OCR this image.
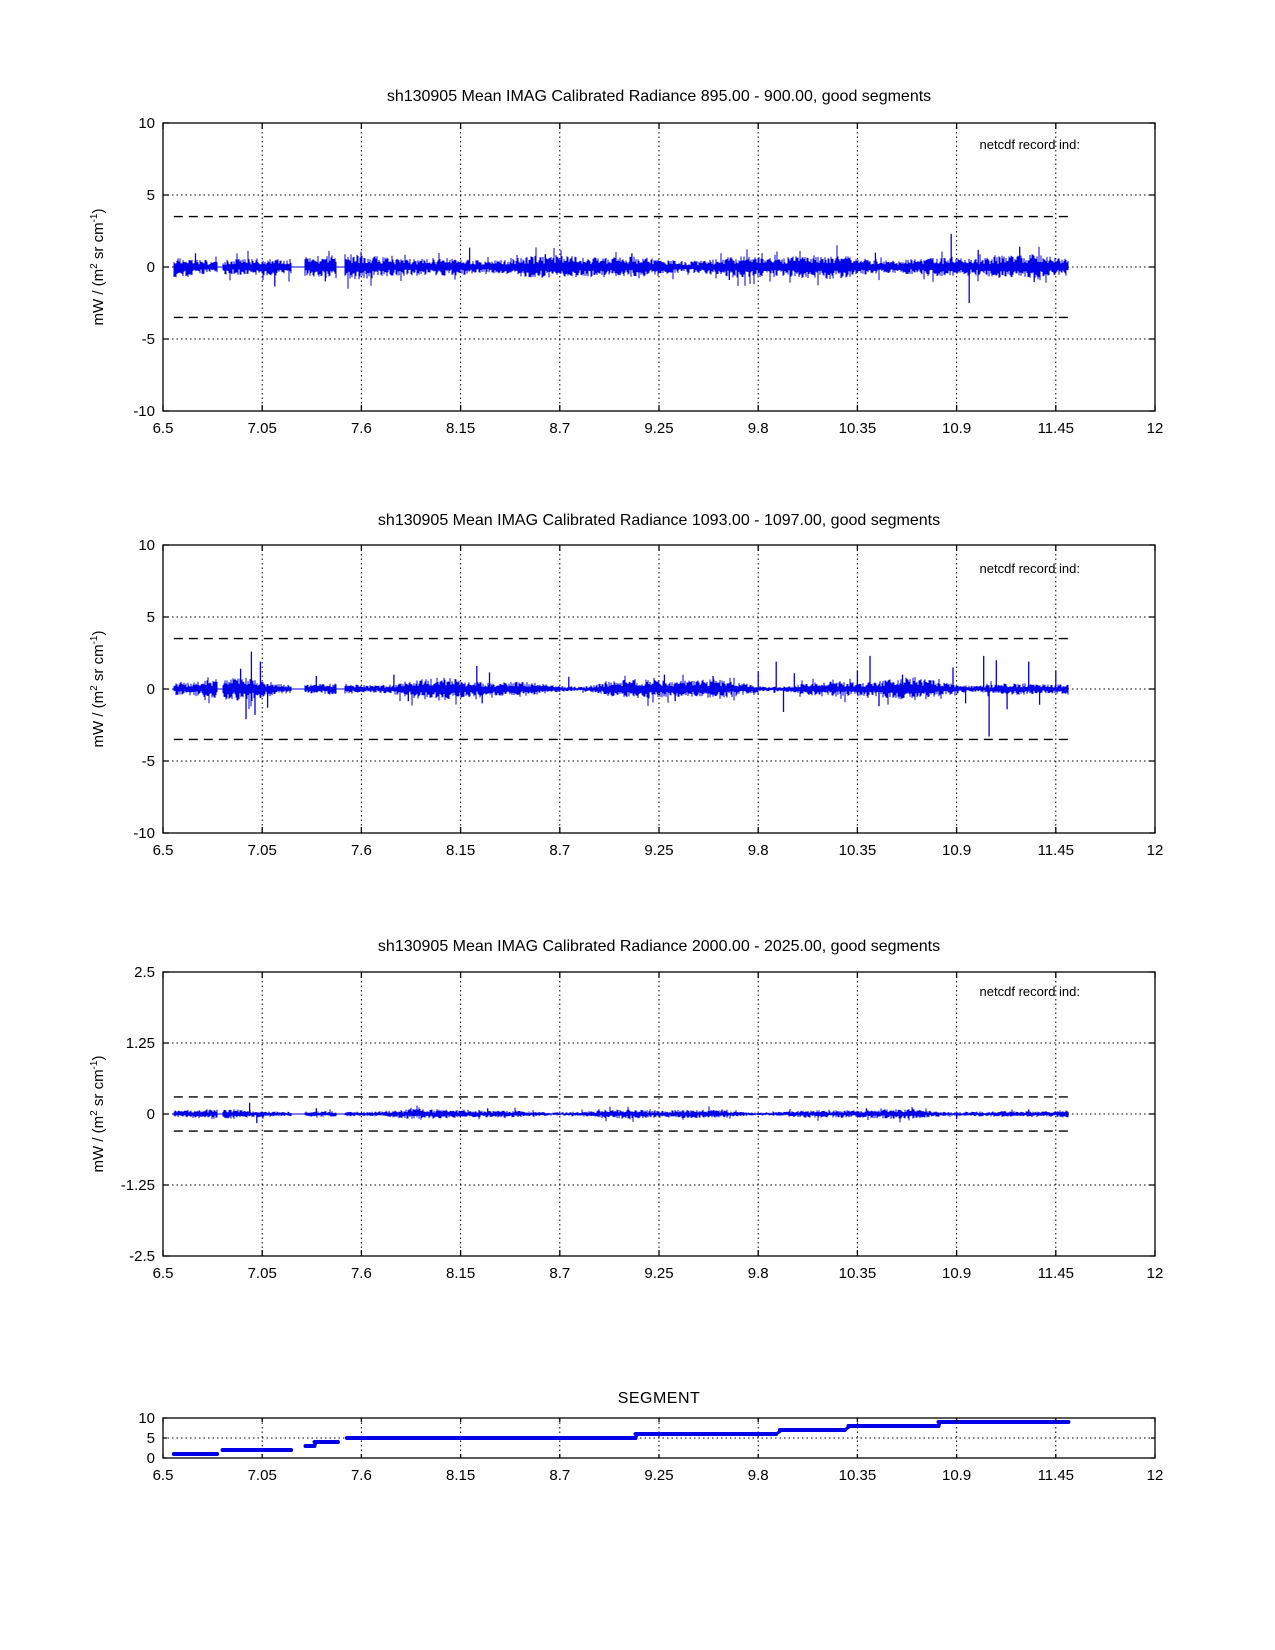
6.5	7.05	7.6	8.15	8.7	9.25	9.8	10.35	10.9	11.45	12
-10
-5
0
5
10
6.5	7.05	7.6	8.15	8.7	9.25	9.8	10.35	10.9	11.45	12
-10
-5
0
5
10
6.5	7.05	7.6	8.15	8.7	9.25	9.8	10.35	10.9	11.45	12
-2.5
-1.25
0
1.25
2.5
6.5	7.05	7.6	8.15	8.7	9.25	9.8	10.35	10.9	11.45	12
0
5
10
sh130905 Mean IMAG Calibrated Radiance 895.00 - 900.00, good segments
sh130905 Mean IMAG Calibrated Radiance 1093.00 - 1097.00, good segments
sh130905 Mean IMAG Calibrated Radiance 2000.00 - 2025.00, good segments
SEGMENT
netcdf record ind:
netcdf record ind:
netcdf record ind:
mW / ($m^2$ sr $cm^{-1}$)
mW / ($m^2$ sr $cm^{-1}$)
mW / ($m^2$ sr $cm^{-1}$)
